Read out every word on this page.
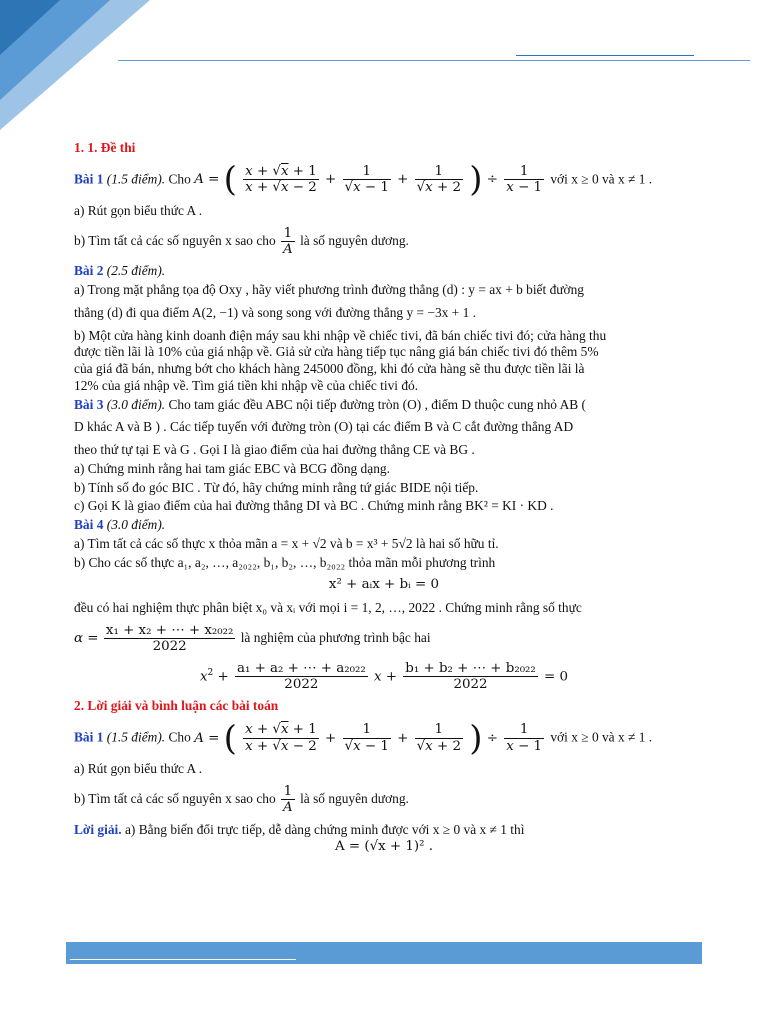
1. 1. Đề thi

Bài 1 (1.5 điểm). Cho A = ( $\frac{x + √x + 1}{x + √x - 2} + \frac{1}{√x - 1} + \frac{1}{√x + 2}$ ) ÷ $\frac{1}{x - 1}$ với x ≥ 0 và x ≠ 1 .

a) Rút gọn biểu thức A .

b) Tìm tất cả các số nguyên x sao cho $\frac{1}{A}$ là số nguyên dương.

Bài 2 (2.5 điểm).

a) Trong mặt phẳng tọa độ Oxy , hãy viết phương trình đường thẳng (d) : y = ax + b biết đường

thẳng (d) đi qua điểm A(2, −1) và song song với đường thẳng y = −3x + 1 .

b) Một cửa hàng kinh doanh điện máy sau khi nhập về chiếc tivi, đã bán chiếc tivi đó; cửa hàng thu

được tiền lãi là 10% của giá nhập về. Giả sử cửa hàng tiếp tục nâng giá bán chiếc tivi đó thêm 5%

của giá đã bán, nhưng bớt cho khách hàng 245000 đồng, khi đó cửa hàng sẽ thu được tiền lãi là

12% của giá nhập về. Tìm giá tiền khi nhập về của chiếc tivi đó.

Bài 3 (3.0 điểm). Cho tam giác đều ABC nội tiếp đường tròn (O) , điểm D thuộc cung nhỏ AB (

D khác A và B ) . Các tiếp tuyến với đường tròn (O) tại các điểm B và C cắt đường thẳng AD

theo thứ tự tại E và G . Gọi I là giao điểm của hai đường thẳng CE và BG .

a) Chứng minh rằng hai tam giác EBC và BCG đồng dạng.

b) Tính số đo góc BIC . Từ đó, hãy chứng minh rằng tứ giác BIDE nội tiếp.

c) Gọi K là giao điểm của hai đường thẳng DI và BC . Chứng minh rằng BK² = KI · KD .

Bài 4 (3.0 điểm).

a) Tìm tất cả các số thực x thỏa mãn a = x + √2 và b = x³ + 5√2 là hai số hữu tỉ.

b) Cho các số thực a₁, a₂, …, a₂₀₂₂, b₁, b₂, …, b₂₀₂₂ thỏa mãn mỗi phương trình

x² + aᵢx + bᵢ = 0

đều có hai nghiệm thực phân biệt x₀ và xᵢ với mọi i = 1, 2, …, 2022 . Chứng minh rằng số thực

$\alpha = \frac{\text{x₁ + x₂ + ⋯ + x₂₀₂₂}}{2022}$ là nghiệm của phương trình bậc hai

$x^2 + \frac{\text{a₁ + a₂ + ⋯ + a₂₀₂₂}}{2022}$ $x + \frac{\text{b₁ + b₂ + ⋯ + b₂₀₂₂}}{2022} = 0$

2. Lời giải và bình luận các bài toán

Bài 1 (1.5 điểm). Cho A = ( $\frac{x + √x + 1}{x + √x - 2} + \frac{1}{√x - 1} + \frac{1}{√x + 2}$ ) ÷ $\frac{1}{x - 1}$ với x ≥ 0 và x ≠ 1 .

a) Rút gọn biểu thức A .

b) Tìm tất cả các số nguyên x sao cho $\frac{1}{A}$ là số nguyên dương.

Lời giải. a) Bằng biến đổi trực tiếp, dễ dàng chứng minh được với x ≥ 0 và x ≠ 1 thì

A = (√x + 1)² .
